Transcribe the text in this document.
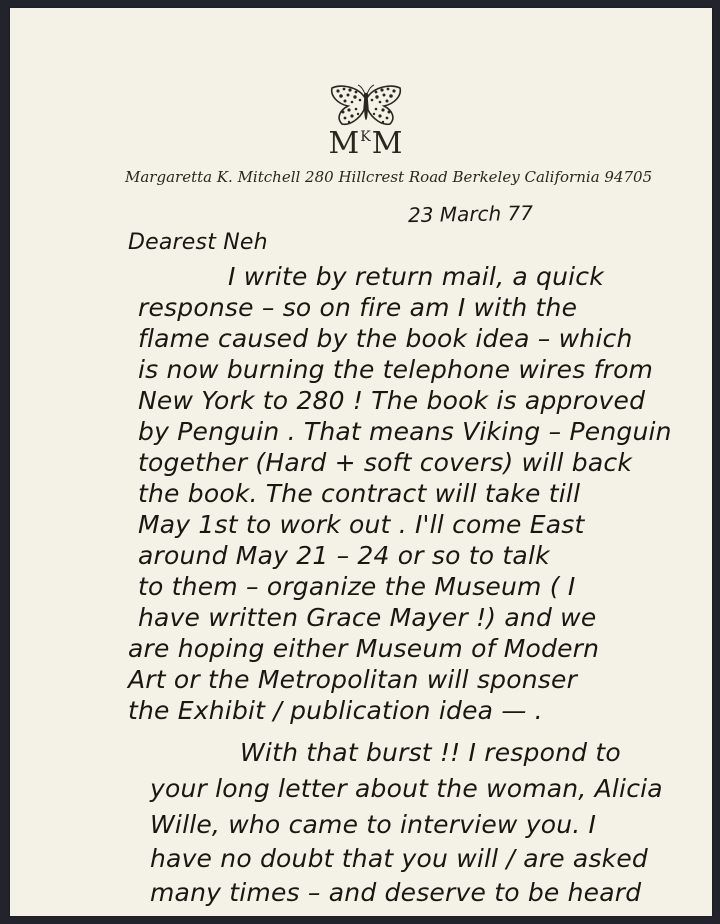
$M^KM$
Margaretta K. Mitchell 280 Hillcrest Road Berkeley California 94705
23 March 77
Dearest Neh
I write by return mail, a quick
response – so on fire am I with the
flame caused by the book idea – which
is now burning the telephone wires from
New York to 280 ! The book is approved
by Penguin . That means Viking – Penguin
together (Hard + soft covers) will back
the book. The contract will take till
May 1st to work out . I'll come East
around May 21 – 24 or so to talk
to them – organize the Museum ( I
have written Grace Mayer !) and we
are hoping either Museum of Modern
Art or the Metropolitan will sponser
the Exhibit / publication idea — .
With that burst !! I respond to
your long letter about the woman, Alicia
Wille, who came to interview you. I
have no doubt that you will / are asked
many times – and deserve to be heard
